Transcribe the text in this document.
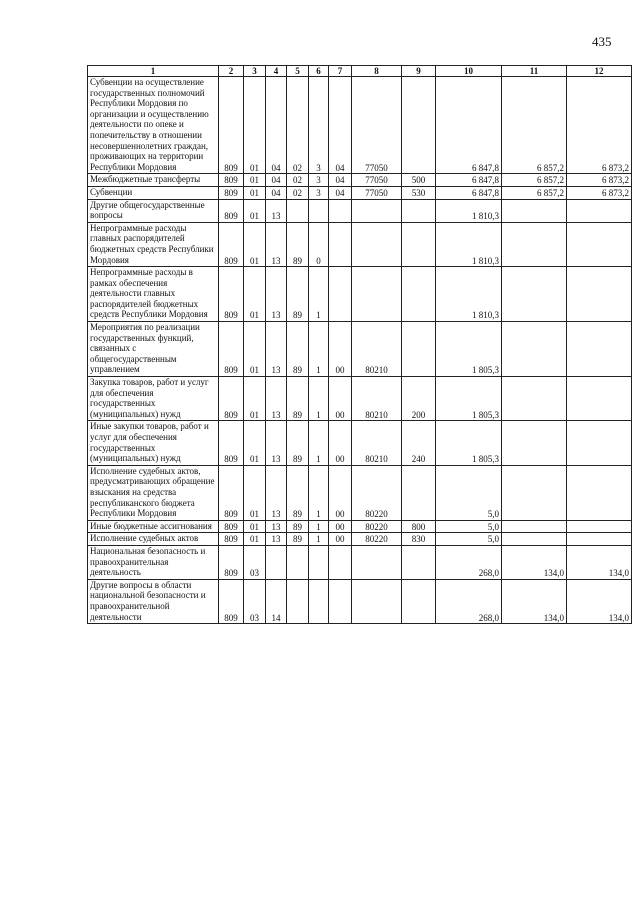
435
1	2	3	4	5	6	7	8	9	10	11	12
Субвенции на осуществление государственных полномочий Республики Мордовия по организации и осуществлению деятельности по опеке и попечительству в отношении несовершеннолетних граждан, проживающих на территории Республики Мордовия	809	01	04	02	3	04	77050		6 847,8	6 857,2	6 873,2
Межбюджетные трансферты	809	01	04	02	3	04	77050	500	6 847,8	6 857,2	6 873,2
Субвенции	809	01	04	02	3	04	77050	530	6 847,8	6 857,2	6 873,2
Другие общегосударственные вопросы	809	01	13						1 810,3		
Непрограммные расходы главных распорядителей бюджетных средств Республики Мордовия	809	01	13	89	0				1 810,3		
Непрограммные расходы в рамках обеспечения деятельности главных распорядителей бюджетных средств Республики Мордовия	809	01	13	89	1				1 810,3		
Мероприятия по реализации государственных функций, связанных с общегосударственным управлением	809	01	13	89	1	00	80210		1 805,3		
Закупка товаров, работ и услуг для обеспечения государственных (муниципальных) нужд	809	01	13	89	1	00	80210	200	1 805,3		
Иные закупки товаров, работ и услуг для обеспечения государственных (муниципальных) нужд	809	01	13	89	1	00	80210	240	1 805,3		
Исполнение судебных актов, предусматривающих обращение взыскания на средства республиканского бюджета Республики Мордовия	809	01	13	89	1	00	80220		5,0		
Иные бюджетные ассигнования	809	01	13	89	1	00	80220	800	5,0		
Исполнение судебных актов	809	01	13	89	1	00	80220	830	5,0		
Национальная безопасность и правоохранительная деятельность	809	03							268,0	134,0	134,0
Другие вопросы в области национальной безопасности и правоохранительной деятельности	809	03	14						268,0	134,0	134,0
